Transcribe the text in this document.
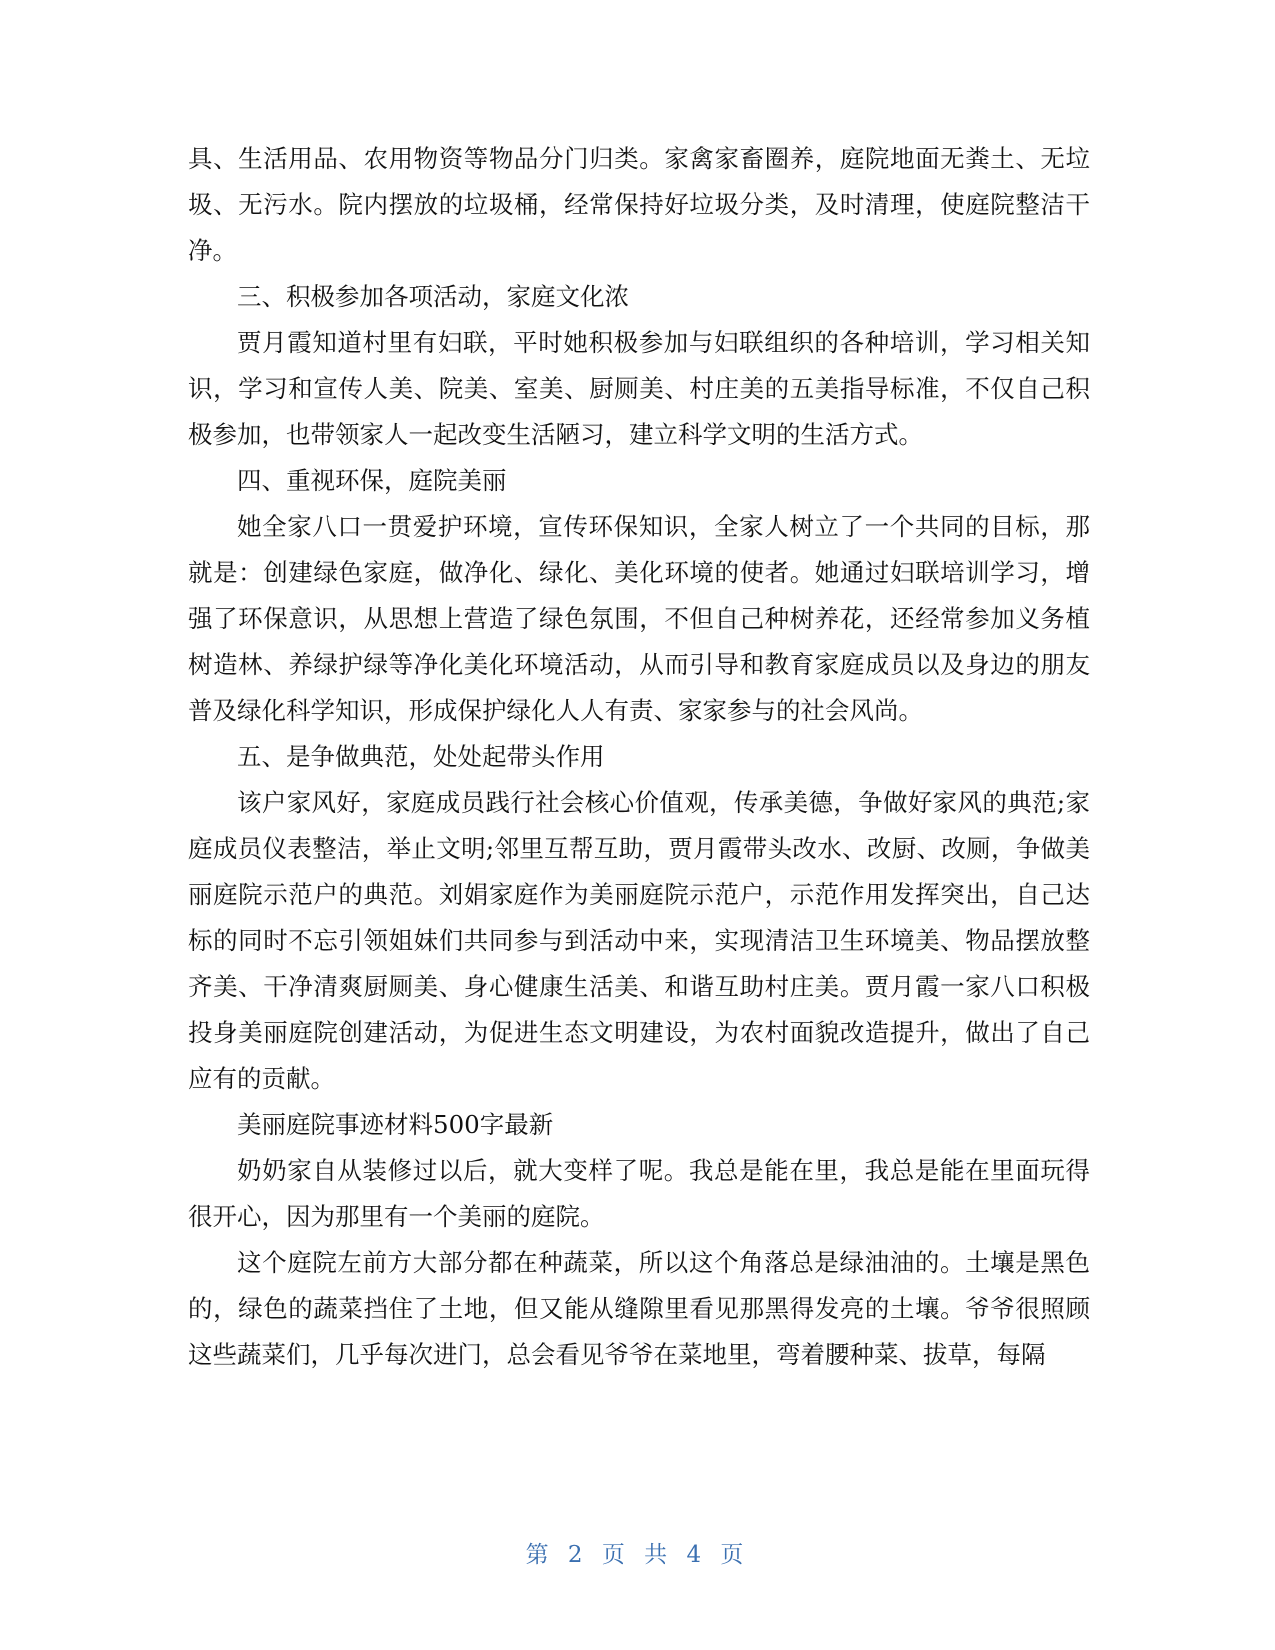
具、生活用品、农用物资等物品分门归类。家禽家畜圈养，庭院地面无粪土、无垃圾、无污水。院内摆放的垃圾桶，经常保持好垃圾分类，及时清理，使庭院整洁干净。

三、积极参加各项活动，家庭文化浓

贾月霞知道村里有妇联，平时她积极参加与妇联组织的各种培训，学习相关知识，学习和宣传人美、院美、室美、厨厕美、村庄美的五美指导标准，不仅自己积极参加，也带领家人一起改变生活陋习，建立科学文明的生活方式。

四、重视环保，庭院美丽

她全家八口一贯爱护环境，宣传环保知识，全家人树立了一个共同的目标，那就是：创建绿色家庭，做净化、绿化、美化环境的使者。她通过妇联培训学习，增强了环保意识，从思想上营造了绿色氛围，不但自己种树养花，还经常参加义务植树造林、养绿护绿等净化美化环境活动，从而引导和教育家庭成员以及身边的朋友普及绿化科学知识，形成保护绿化人人有责、家家参与的社会风尚。

五、是争做典范，处处起带头作用

该户家风好，家庭成员践行社会核心价值观，传承美德，争做好家风的典范;家庭成员仪表整洁，举止文明;邻里互帮互助，贾月霞带头改水、改厨、改厕，争做美丽庭院示范户的典范。刘娟家庭作为美丽庭院示范户，示范作用发挥突出，自己达标的同时不忘引领姐妹们共同参与到活动中来，实现清洁卫生环境美、物品摆放整齐美、干净清爽厨厕美、身心健康生活美、和谐互助村庄美。贾月霞一家八口积极投身美丽庭院创建活动，为促进生态文明建设，为农村面貌改造提升，做出了自己应有的贡献。

美丽庭院事迹材料500字最新

奶奶家自从装修过以后，就大变样了呢。我总是能在里，我总是能在里面玩得很开心，因为那里有一个美丽的庭院。

这个庭院左前方大部分都在种蔬菜，所以这个角落总是绿油油的。土壤是黑色的，绿色的蔬菜挡住了土地，但又能从缝隙里看见那黑得发亮的土壤。爷爷很照顾这些蔬菜们，几乎每次进门，总会看见爷爷在菜地里，弯着腰种菜、拔草，每隔

第 2 页 共 4 页
